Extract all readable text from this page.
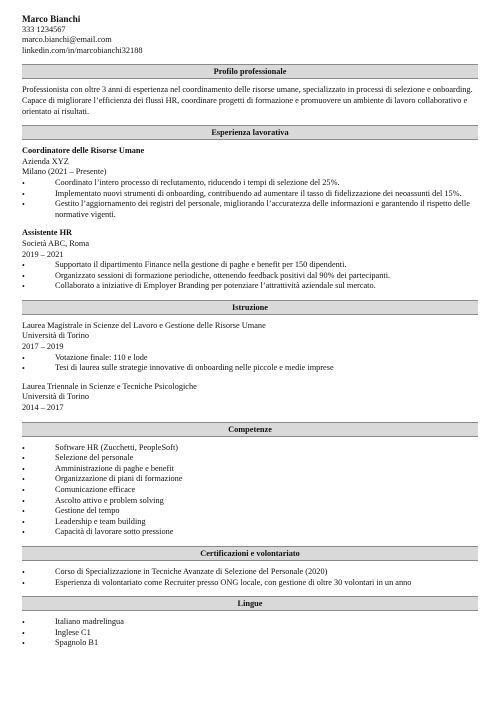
Marco Bianchi
333 1234567
marco.bianchi@email.com
linkedin.com/in/marcobianchi32188
Profilo professionale
Professionista con oltre 3 anni di esperienza nel coordinamento delle risorse umane, specializzato in processi di selezione e onboarding. Capace di migliorare l’efficienza dei flussi HR, coordinare progetti di formazione e promuovere un ambiente di lavoro collaborativo e orientato ai risultati.
Esperienza lavorativa
Coordinatore delle Risorse Umane
Azienda XYZ
Milano (2021 – Presente)
• Coordinato l’intero processo di reclutamento, riducendo i tempi di selezione del 25%.
• Implementato nuovi strumenti di onboarding, contribuendo ad aumentare il tasso di fidelizzazione dei neoassunti del 15%.
• Gestito l’aggiornamento dei registri del personale, migliorando l’accuratezza delle informazioni e garantendo il rispetto delle normative vigenti.
Assistente HR
Società ABC, Roma
2019 – 2021
• Supportato il dipartimento Finance nella gestione di paghe e benefit per 150 dipendenti.
• Organizzato sessioni di formazione periodiche, ottenendo feedback positivi dal 90% dei partecipanti.
• Collaborato a iniziative di Employer Branding per potenziare l’attrattività aziendale sul mercato.
Istruzione
Laurea Magistrale in Scienze del Lavoro e Gestione delle Risorse Umane
Università di Torino
2017 – 2019
• Votazione finale: 110 e lode
• Tesi di laurea sulle strategie innovative di onboarding nelle piccole e medie imprese
Laurea Triennale in Scienze e Tecniche Psicologiche
Università di Torino
2014 – 2017
Competenze
• Software HR (Zucchetti, PeopleSoft)
• Selezione del personale
• Amministrazione di paghe e benefit
• Organizzazione di piani di formazione
• Comunicazione efficace
• Ascolto attivo e problem solving
• Gestione del tempo
• Leadership e team building
• Capacità di lavorare sotto pressione
Certificazioni e volontariato
• Corso di Specializzazione in Tecniche Avanzate di Selezione del Personale (2020)
• Esperienza di volontariato come Recruiter presso ONG locale, con gestione di oltre 30 volontari in un anno
Lingue
• Italiano madrelingua
• Inglese C1
• Spagnolo B1
